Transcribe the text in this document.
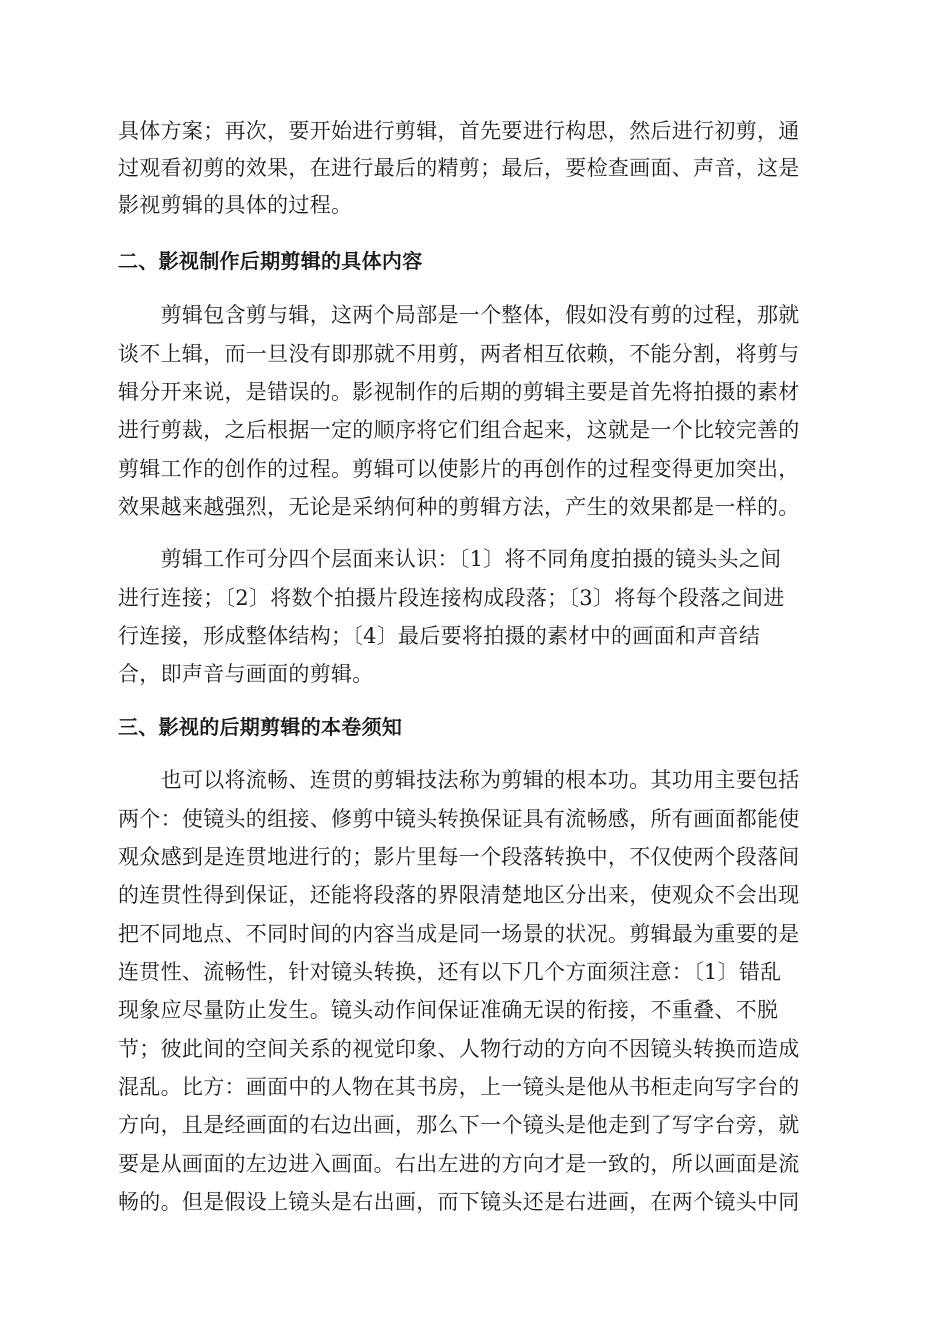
具体方案；再次，要开始进行剪辑，首先要进行构思，然后进行初剪，通
过观看初剪的效果，在进行最后的精剪；最后，要检查画面、声音，这是
影视剪辑的具体的过程。
二、影视制作后期剪辑的具体内容
　　剪辑包含剪与辑，这两个局部是一个整体，假如没有剪的过程，那就
谈不上辑，而一旦没有即那就不用剪，两者相互依赖，不能分割，将剪与
辑分开来说，是错误的。影视制作的后期的剪辑主要是首先将拍摄的素材
进行剪裁，之后根据一定的顺序将它们组合起来，这就是一个比较完善的
剪辑工作的创作的过程。剪辑可以使影片的再创作的过程变得更加突出，
效果越来越强烈，无论是采纳何种的剪辑方法，产生的效果都是一样的。
　　剪辑工作可分四个层面来认识：〔1〕将不同角度拍摄的镜头头之间
进行连接；〔2〕将数个拍摄片段连接构成段落；〔3〕将每个段落之间进
行连接，形成整体结构；〔4〕最后要将拍摄的素材中的画面和声音结
合，即声音与画面的剪辑。
三、影视的后期剪辑的本卷须知
　　也可以将流畅、连贯的剪辑技法称为剪辑的根本功。其功用主要包括
两个：使镜头的组接、修剪中镜头转换保证具有流畅感，所有画面都能使
观众感到是连贯地进行的；影片里每一个段落转换中，不仅使两个段落间
的连贯性得到保证，还能将段落的界限清楚地区分出来，使观众不会出现
把不同地点、不同时间的内容当成是同一场景的状况。剪辑最为重要的是
连贯性、流畅性，针对镜头转换，还有以下几个方面须注意：〔1〕错乱
现象应尽量防止发生。镜头动作间保证准确无误的衔接，不重叠、不脱
节；彼此间的空间关系的视觉印象、人物行动的方向不因镜头转换而造成
混乱。比方：画面中的人物在其书房，上一镜头是他从书柜走向写字台的
方向，且是经画面的右边出画，那么下一个镜头是他走到了写字台旁，就
要是从画面的左边进入画面。右出左进的方向才是一致的，所以画面是流
畅的。但是假设上镜头是右出画，而下镜头还是右进画，在两个镜头中同
